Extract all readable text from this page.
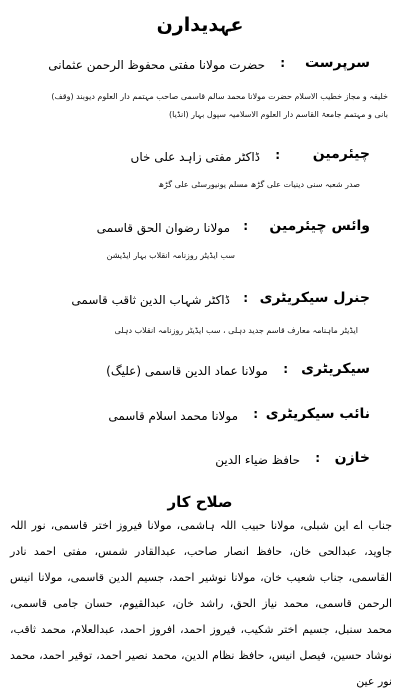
عہدیدارن
سرپرست
:
حضرت مولانا مفتی محفوظ الرحمن عثمانی
خلیفہ و مجاز خطیب الاسلام حضرت مولانا محمد سالم قاسمی صاحب مہتمم دار العلوم دیوبند (وقف)
بانی و مہتمم جامعۃ القاسم دار العلوم الاسلامیہ سپول بہار (انڈیا)
چیئرمین
:
ڈاکٹر مفتی زاہد علی خاں
صدر شعبہ سنی دینیات علی گڑھ مسلم یونیورسٹی علی گڑھ
وائس چیئرمین
:
مولانا رضوان الحق قاسمی
سب ایڈیٹر روزنامہ انقلاب بہار ایڈیشن
جنرل سیکریٹری
:
ڈاکٹر شہاب الدین ثاقب قاسمی
ایڈیٹر ماہنامہ معارف قاسم جدید دہلی ، سب ایڈیٹر روزنامہ انقلاب دہلی
سیکریٹری
:
مولانا عماد الدین قاسمی (علیگ)
نائب سیکریٹری
:
مولانا محمد اسلام قاسمی
خازن
:
حافظ ضیاء الدین
صلاح کار
جناب اے این شبلی، مولانا حبیب اللہ ہاشمی، مولانا فیروز اختر قاسمی، نور اللہ جاوید، عبدالحی خان، حافظ انصار صاحب، عبدالقادر شمس، مفتی احمد نادر القاسمی، جناب شعیب خان، مولانا نوشیر احمد، جسیم الدین قاسمی، مولانا انیس الرحمن قاسمی، محمد نیاز الحق، راشد خان، عبدالقیوم، حسان جامی قاسمی، محمد سنبل، جسیم اختر شکیب، فیروز احمد، افروز احمد، عبدالعلام، محمد ثاقب، نوشاد حسین، فیصل انیس، حافظ نظام الدین، محمد نصیر احمد، توقیر احمد، محمد نور عین
